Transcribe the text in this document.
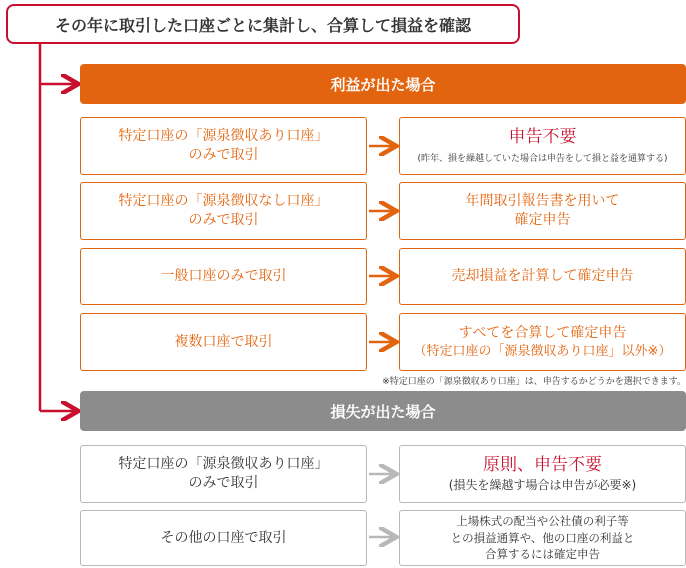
その年に取引した口座ごとに集計し、合算して損益を確認
利益が出た場合
特定口座の「源泉徴収あり口座」
のみで取引
申告不要
(昨年、損を繰越していた場合は申告をして損と益を通算する)
特定口座の「源泉徴収なし口座」
のみで取引
年間取引報告書を用いて
確定申告
一般口座のみで取引	売却損益を計算して確定申告
複数口座で取引
すべてを合算して確定申告
（特定口座の「源泉徴収あり口座」以外※）
※特定口座の「源泉徴収あり口座」は、申告するかどうかを選択できます。
損失が出た場合
特定口座の「源泉徴収あり口座」
のみで取引
原則、申告不要
(損失を繰越す場合は申告が必要※)
その他の口座で取引
上場株式の配当や公社債の利子等
との損益通算や、他の口座の利益と
合算するには確定申告
